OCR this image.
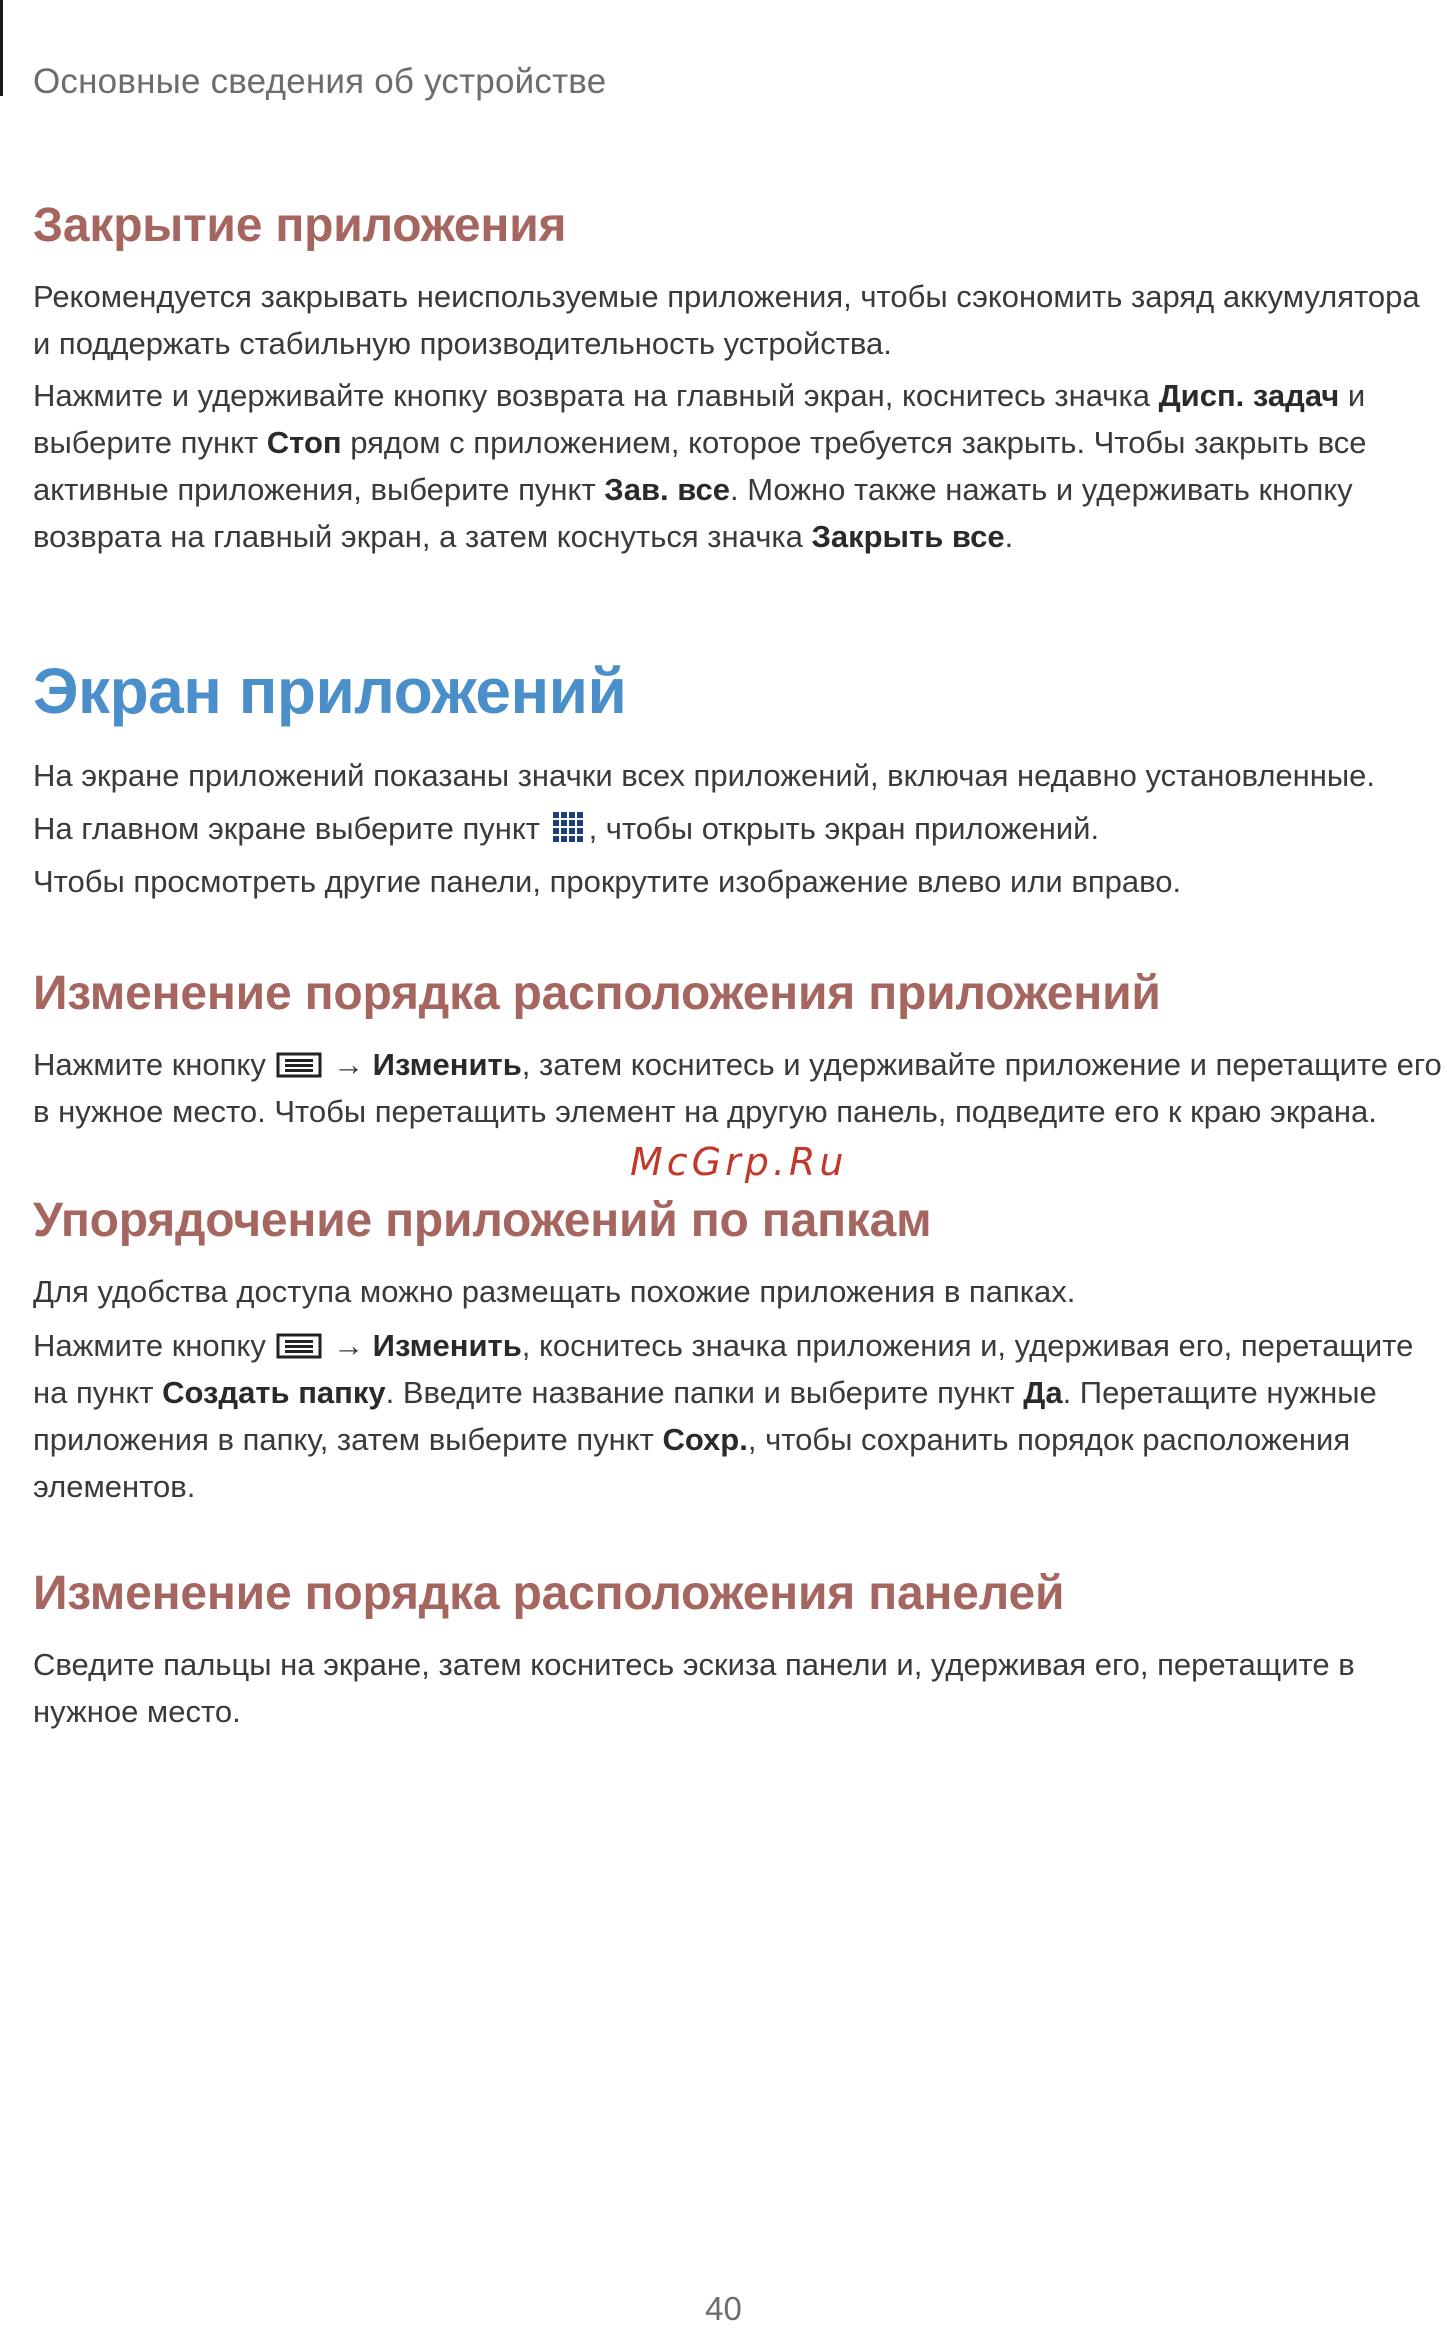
Основные сведения об устройстве
Закрытие приложения

Рекомендуется закрывать неиспользуемые приложения, чтобы сэкономить заряд аккумулятора и поддержать стабильную производительность устройства.

Нажмите и удерживайте кнопку возврата на главный экран, коснитесь значка Дисп. задач и выберите пункт Стоп рядом с приложением, которое требуется закрыть. Чтобы закрыть все активные приложения, выберите пункт Зав. все. Можно также нажать и удерживать кнопку возврата на главный экран, а затем коснуться значка Закрыть все.

Экран приложений

На экране приложений показаны значки всех приложений, включая недавно установленные.

На главном экране выберите пункт , чтобы открыть экран приложений.

Чтобы просмотреть другие панели, прокрутите изображение влево или вправо.

Изменение порядка расположения приложений

Нажмите кнопку  → Изменить, затем коснитесь и удерживайте приложение и перетащите его в нужное место. Чтобы перетащить элемент на другую панель, подведите его к краю экрана.

Упорядочение приложений по папкам

Для удобства доступа можно размещать похожие приложения в папках.

Нажмите кнопку  → Изменить, коснитесь значка приложения и, удерживая его, перетащите на пункт Создать папку. Введите название папки и выберите пункт Да. Перетащите нужные приложения в папку, затем выберите пункт Сохр., чтобы сохранить порядок расположения элементов.

Изменение порядка расположения панелей

Сведите пальцы на экране, затем коснитесь эскиза панели и, удерживая его, перетащите в нужное место.

McGrp.Ru
40
